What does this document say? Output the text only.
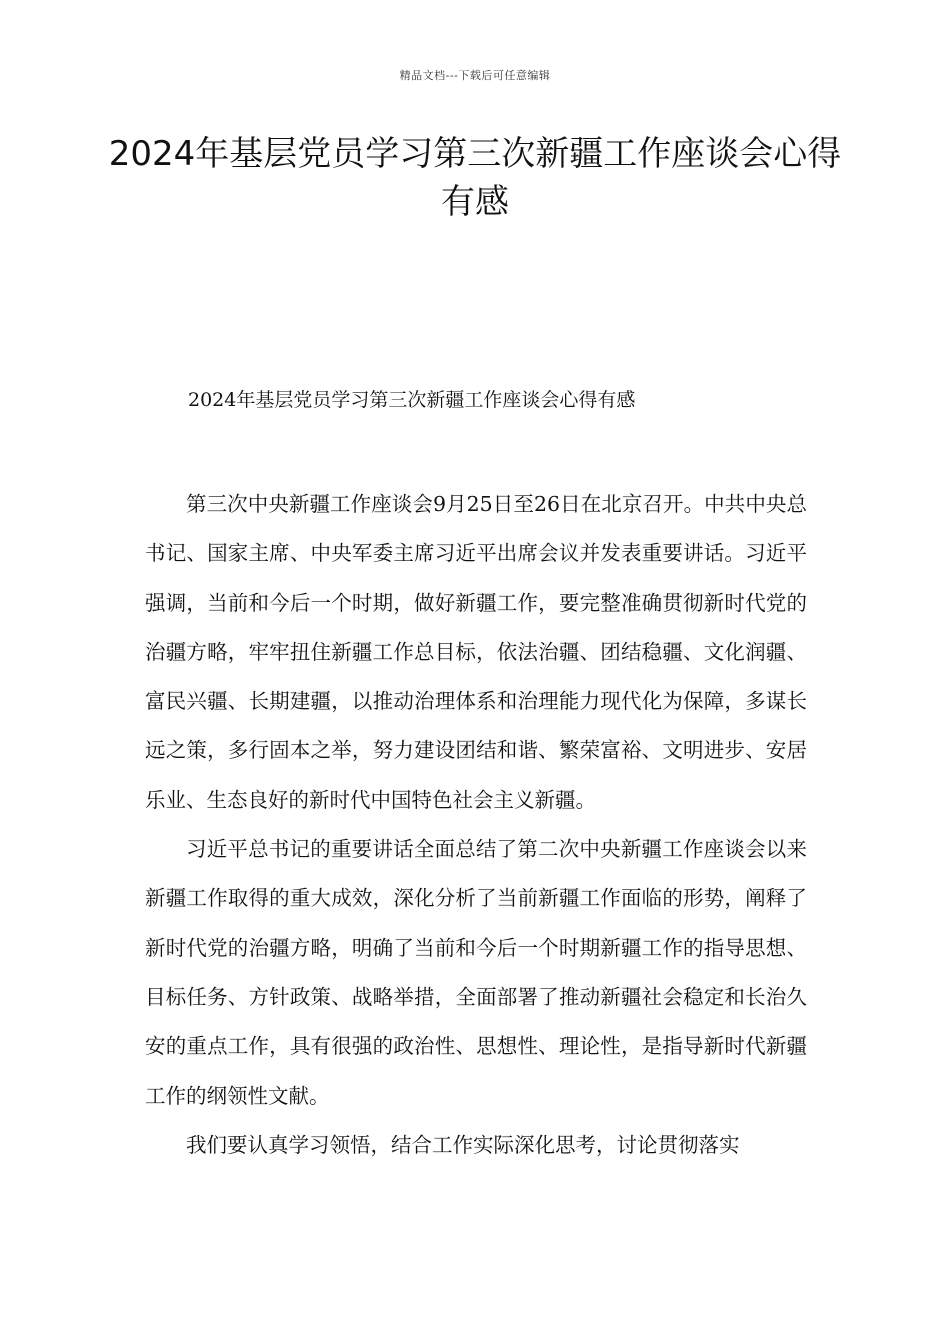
精品文档---下载后可任意编辑
2024年基层党员学习第三次新疆工作座谈会心得有感
2024年基层党员学习第三次新疆工作座谈会心得有感

第三次中央新疆工作座谈会9月25日至26日在北京召开。中共中央总书记、国家主席、中央军委主席习近平出席会议并发表重要讲话。习近平强调，当前和今后一个时期，做好新疆工作，要完整准确贯彻新时代党的治疆方略，牢牢扭住新疆工作总目标，依法治疆、团结稳疆、文化润疆、富民兴疆、长期建疆，以推动治理体系和治理能力现代化为保障，多谋长远之策，多行固本之举，努力建设团结和谐、繁荣富裕、文明进步、安居乐业、生态良好的新时代中国特色社会主义新疆。

习近平总书记的重要讲话全面总结了第二次中央新疆工作座谈会以来新疆工作取得的重大成效，深化分析了当前新疆工作面临的形势，阐释了新时代党的治疆方略，明确了当前和今后一个时期新疆工作的指导思想、目标任务、方针政策、战略举措，全面部署了推动新疆社会稳定和长治久安的重点工作，具有很强的政治性、思想性、理论性，是指导新时代新疆工作的纲领性文献。

我们要认真学习领悟，结合工作实际深化思考，讨论贯彻落实
